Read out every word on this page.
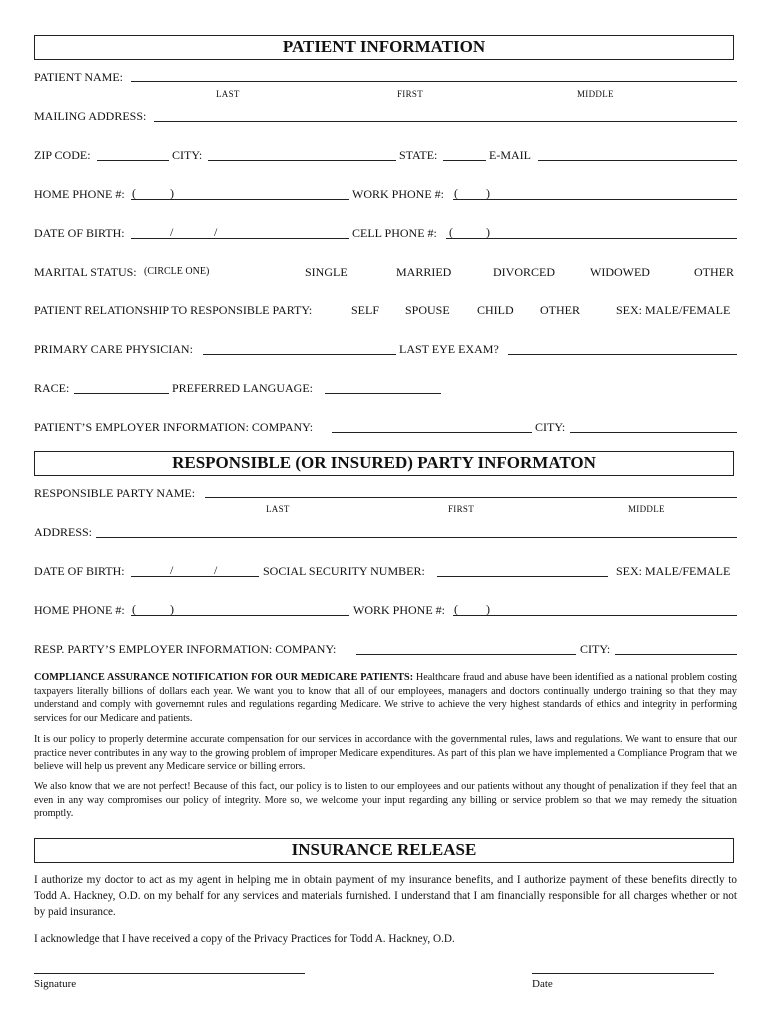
PATIENT INFORMATION
PATIENT NAME:
LAST	FIRST	MIDDLE
MAILING ADDRESS:
ZIP CODE:	CITY:	STATE:	E-MAIL
HOME PHONE #: (	)	WORK PHONE #: ( )
DATE OF BIRTH:	/	/	CELL PHONE #: (	)
MARITAL STATUS: (CIRCLE ONE)	SINGLE	MARRIED	DIVORCED	WIDOWED	OTHER
PATIENT RELATIONSHIP TO RESPONSIBLE PARTY:	SELF SPOUSE CHILD OTHER	SEX: MALE/FEMALE
PRIMARY CARE PHYSICIAN:	LAST EYE EXAM?
RACE:	PREFERRED LANGUAGE:
PATIENT’S EMPLOYER INFORMATION: COMPANY:	CITY:
RESPONSIBLE (OR INSURED) PARTY INFORMATON
RESPONSIBLE PARTY NAME:
LAST	FIRST	MIDDLE
ADDRESS:
DATE OF BIRTH:	/	/	SOCIAL SECURITY NUMBER:	SEX: MALE/FEMALE
HOME PHONE #: (	)	WORK PHONE #: ( )
RESP. PARTY’S EMPLOYER INFORMATION: COMPANY:	CITY:
COMPLIANCE ASSURANCE NOTIFICATION FOR OUR MEDICARE PATIENTS: Healthcare fraud and abuse have been identified as a national problem costing taxpayers literally billions of dollars each year. We want you to know that all of our employees, managers and doctors continually undergo training so that they may understand and comply with governemnt rules and regulations regarding Medicare. We strive to achieve the very highest standards of ethics and integrity in performing services for our Medicare and patients.
It is our policy to properly determine accurate compensation for our services in accordance with the governmental rules, laws and regulations. We want to ensure that our practice never contributes in any way to the growing problem of improper Medicare expenditures. As part of this plan we have implemented a Compliance Program that we believe will help us prevent any Medicare service or billing errors.
We also know that we are not perfect! Because of this fact, our policy is to listen to our employees and our patients without any thought of penalization if they feel that an even in any way compromises our policy of integrity. More so, we welcome your input regarding any billing or service problem so that we may remedy the situation promptly.
INSURANCE RELEASE
I authorize my doctor to act as my agent in helping me in obtain payment of my insurance benefits, and I authorize payment of these benefits directly to Todd A. Hackney, O.D. on my behalf for any services and materials furnished. I understand that I am financially responsible for all charges whether or not by paid insurance.
I acknowledge that I have received a copy of the Privacy Practices for Todd A. Hackney, O.D.
Signature	Date
